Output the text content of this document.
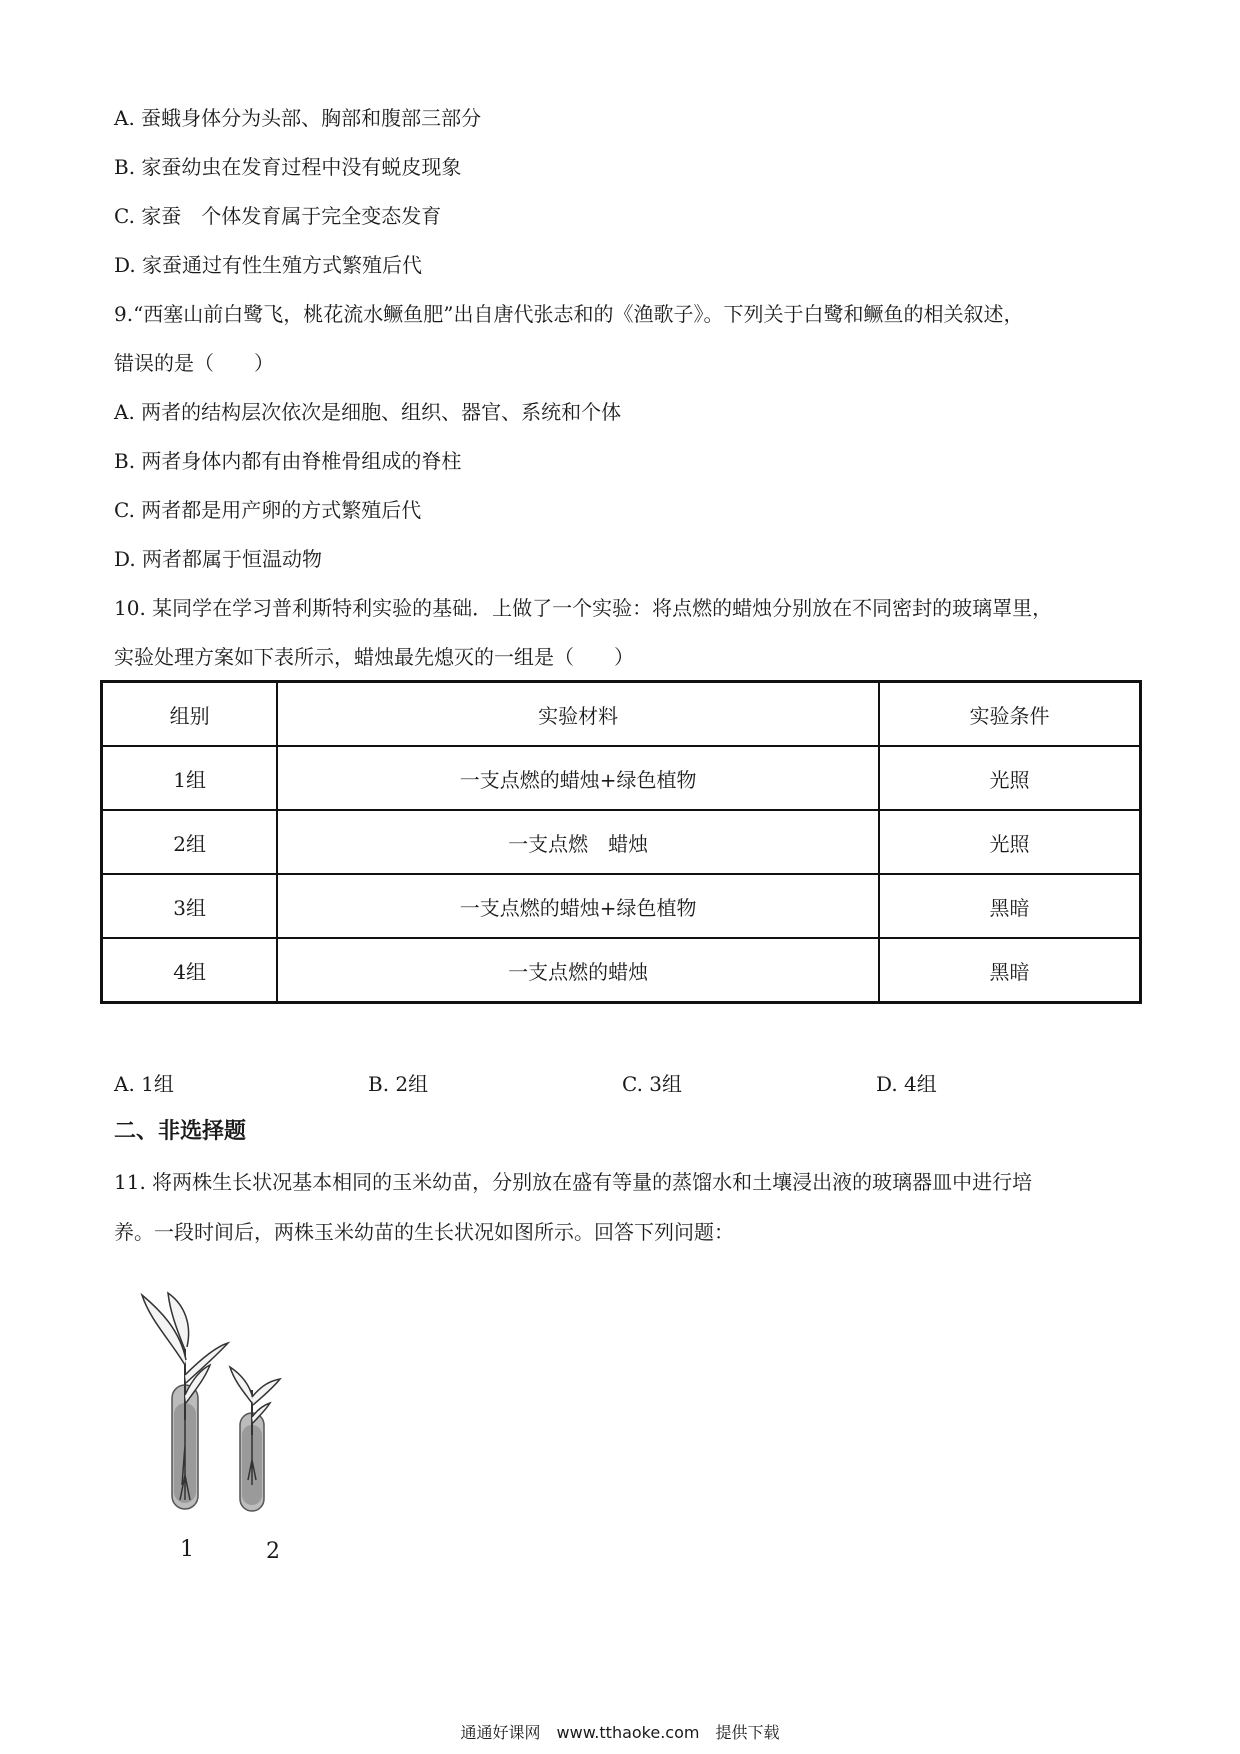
A. 蚕蛾身体分为头部、胸部和腹部三部分
B. 家蚕幼虫在发育过程中没有蜕皮现象
C. 家蚕　个体发育属于完全变态发育
D. 家蚕通过有性生殖方式繁殖后代
9.“西塞山前白鹭飞，桃花流水鳜鱼肥”出自唐代张志和的《渔歌子》。下列关于白鹭和鳜鱼的相关叙述，
错误的是（　　）
A. 两者的结构层次依次是细胞、组织、器官、系统和个体
B. 两者身体内都有由脊椎骨组成的脊柱
C. 两者都是用产卵的方式繁殖后代
D. 两者都属于恒温动物
10. 某同学在学习普利斯特利实验的基础．上做了一个实验：将点燃的蜡烛分别放在不同密封的玻璃罩里，
实验处理方案如下表所示，蜡烛最先熄灭的一组是（　　）
组别	实验材料	实验条件
1组	一支点燃的蜡烛+绿色植物	光照
2组	一支点燃　蜡烛	光照
3组	一支点燃的蜡烛+绿色植物	黑暗
4组	一支点燃的蜡烛	黑暗
A. 1组	B. 2组	C. 3组	D. 4组
二、非选择题
11. 将两株生长状况基本相同的玉米幼苗，分别放在盛有等量的蒸馏水和土壤浸出液的玻璃器皿中进行培
养。一段时间后，两株玉米幼苗的生长状况如图所示。回答下列问题：
1	2
通通好课网　www.tthaoke.com　提供下载
